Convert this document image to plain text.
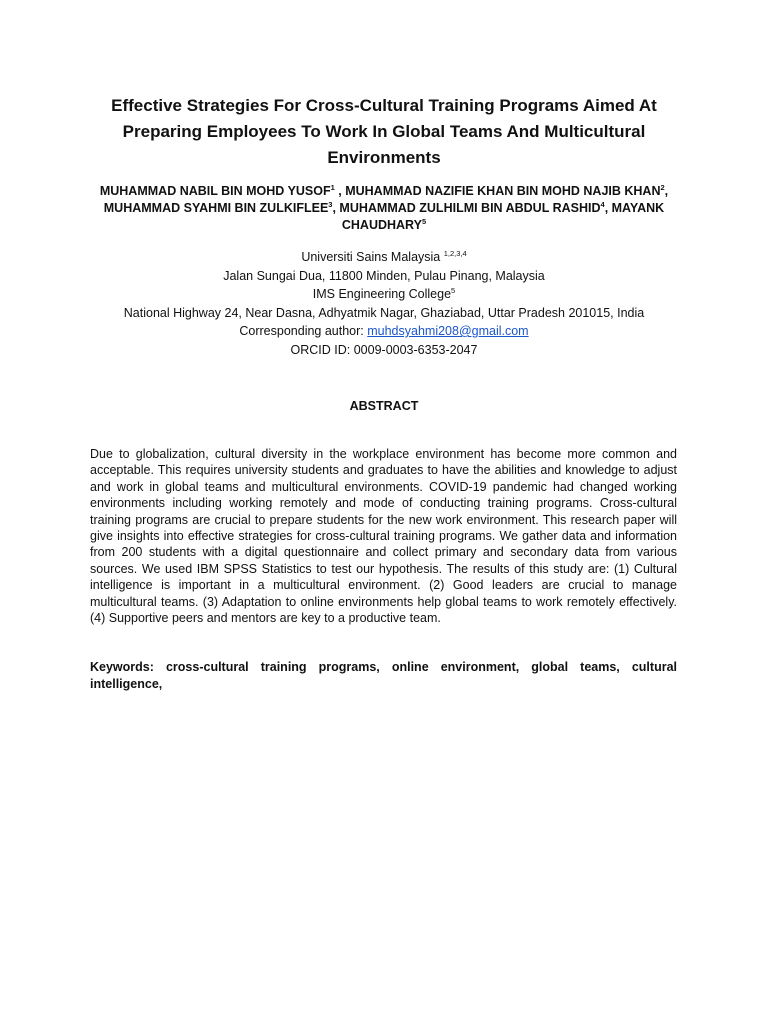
Effective Strategies For Cross-Cultural Training Programs Aimed At Preparing Employees To Work In Global Teams And Multicultural Environments

MUHAMMAD NABIL BIN MOHD YUSOF$^1$ , MUHAMMAD NAZIFIE KHAN BIN MOHD NAJIB KHAN$^2$, MUHAMMAD SYAHMI BIN ZULKIFLEE$^3$, MUHAMMAD ZULHILMI BIN ABDUL RASHID$^4$, MAYANK CHAUDHARY$^5$

Universiti Sains Malaysia $^{1,2,3,4}$
Jalan Sungai Dua, 11800 Minden, Pulau Pinang, Malaysia
IMS Engineering College$^5$
National Highway 24, Near Dasna, Adhyatmik Nagar, Ghaziabad, Uttar Pradesh 201015, India
Corresponding author: muhdsyahmi208@gmail.com
ORCID ID: 0009-0003-6353-2047
ABSTRACT

Due to globalization, cultural diversity in the workplace environment has become more common and acceptable. This requires university students and graduates to have the abilities and knowledge to adjust and work in global teams and multicultural environments. COVID-19 pandemic had changed working environments including working remotely and mode of conducting training programs. Cross-cultural training programs are crucial to prepare students for the new work environment. This research paper will give insights into effective strategies for cross-cultural training programs. We gather data and information from 200 students with a digital questionnaire and collect primary and secondary data from various sources. We used IBM SPSS Statistics to test our hypothesis. The results of this study are: (1) Cultural intelligence is important in a multicultural environment. (2) Good leaders are crucial to manage multicultural teams. (3) Adaptation to online environments help global teams to work remotely effectively. (4) Supportive peers and mentors are key to a productive team.

Keywords: cross-cultural training programs, online environment, global teams, cultural intelligence,
